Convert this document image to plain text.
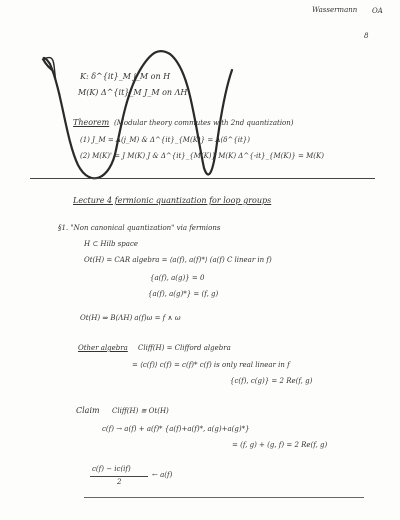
Wassermann OA
8
K: δ^{it}_M j_M on H
M(K) Δ^{it}_M J_M on ΛH
Theorem (Modular theory commutes with 2nd quantization)
(1) J_M = Λ(j_M) & Δ^{it}_{M(K)} = Λ(δ^{it})
(2) M(K)' = J M(K) J & Δ^{it}_{M(K)} M(K) Δ^{-it}_{M(K)} = M(K)
Lecture 4 fermionic quantization for loop groups
§1. "Non canonical quantization" via fermions
H ⊂ Hilb space
Ot(H) = CAR algebra = ⟨a(f), a(f)*⟩ (a(f) C linear in f)
{a(f), a(g)} = 0
{a(f), a(g)*} = (f, g)
Ot(H) ⇒ B(ΛH) a(f)ω = f ∧ ω
Other algebra Cliff(H) = Clifford algebra
= ⟨c(f)⟩ c(f) = c(f)* c(f) is only real linear in f
{c(f), c(g)} = 2 Re(f, g)
Claim Cliff(H) ≅ Ot(H)
c(f) → a(f) + a(f)* {a(f)+a(f)*, a(g)+a(g)*}
= (f, g) + (g, f) = 2 Re(f, g)
c(f) − ic(if)
2
← a(f)
